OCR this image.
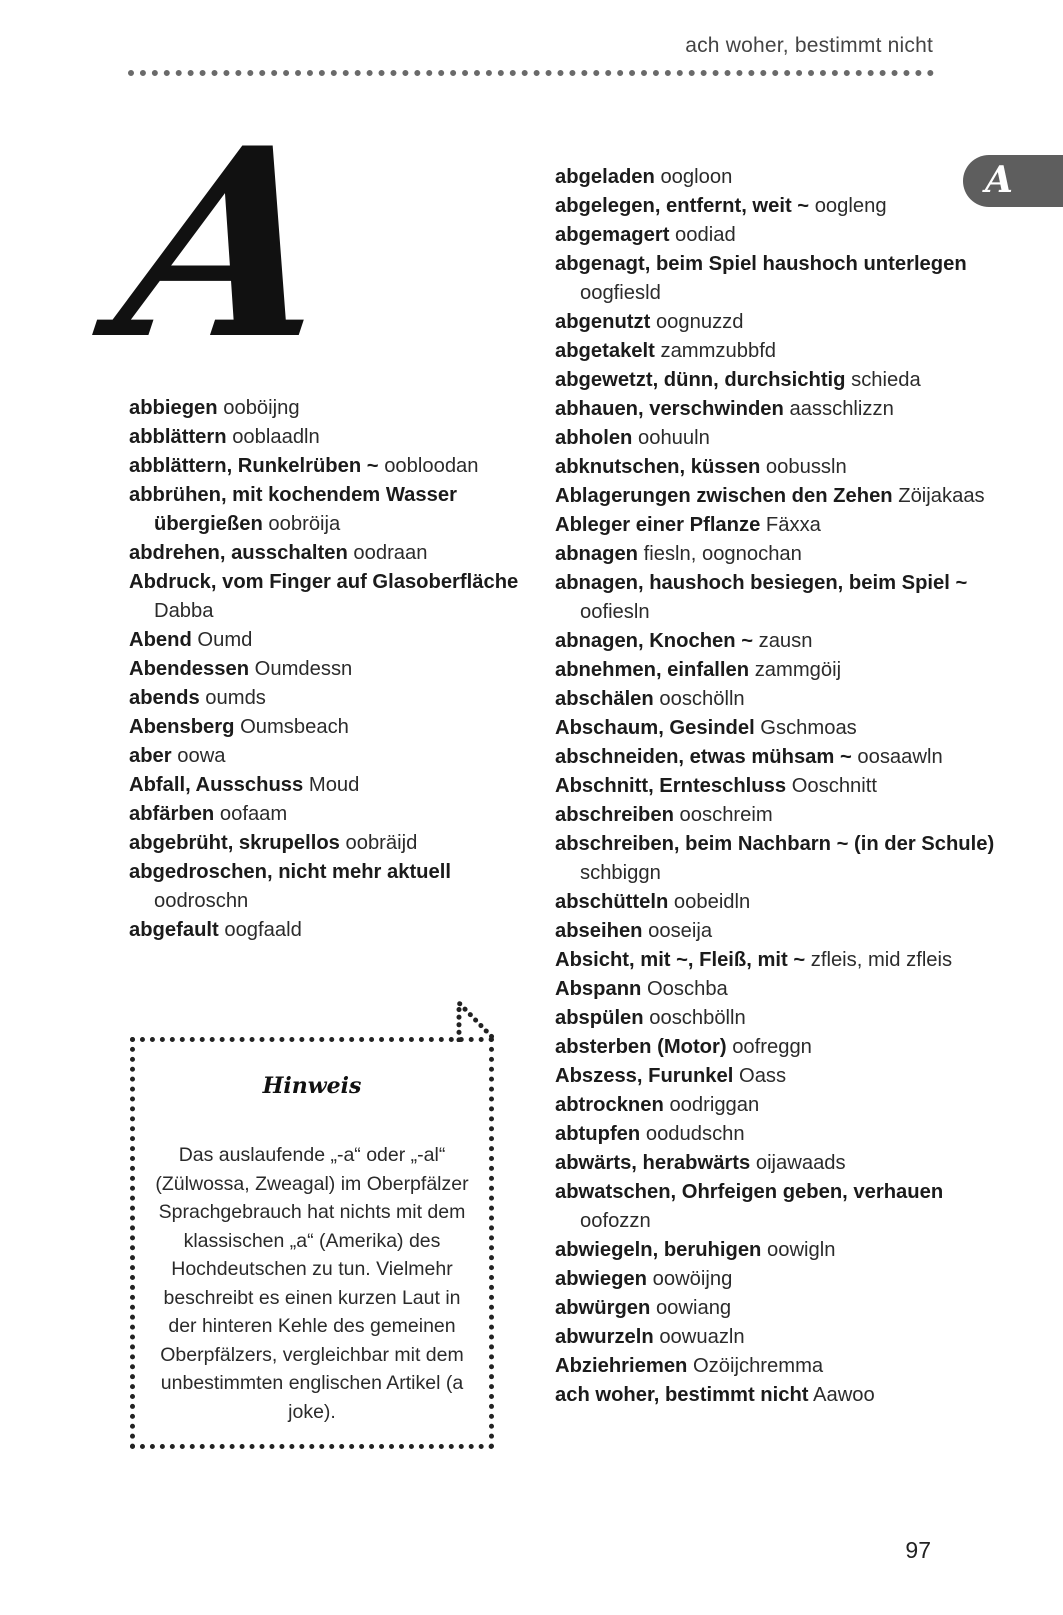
ach woher, bestimmt nicht
A	A
abbiegen ooböijng
abblättern ooblaadln
abblättern, Runkelrüben ~ oobloodan
abbrühen, mit kochendem Wasser übergießen oobröija
abdrehen, ausschalten oodraan
Abdruck, vom Finger auf Glasoberfläche Dabba
Abend Oumd
Abendessen Oumdessn
abends oumds
Abensberg Oumsbeach
aber oowa
Abfall, Ausschuss Moud
abfärben oofaam
abgebrüht, skrupellos oobräijd
abgedroschen, nicht mehr aktuell oodroschn
abgefault oogfaald
abgeladen oogloon
abgelegen, entfernt, weit ~ oogleng
abgemagert oodiad
abgenagt, beim Spiel haushoch unterlegen oogfiesld
abgenutzt oognuzzd
abgetakelt zammzubbfd
abgewetzt, dünn, durchsichtig schieda
abhauen, verschwinden aasschlizzn
abholen oohuuln
abknutschen, küssen oobussln
Ablagerungen zwischen den Zehen Zöijakaas
Ableger einer Pflanze Fäxxa
abnagen fiesln, oognochan
abnagen, haushoch besiegen, beim Spiel ~ oofiesln
abnagen, Knochen ~ zausn
abnehmen, einfallen zammgöij
abschälen ooschölln
Abschaum, Gesindel Gschmoas
abschneiden, etwas mühsam ~ oosaawln
Abschnitt, Ernteschluss Ooschnitt
abschreiben ooschreim
abschreiben, beim Nachbarn ~ (in der Schule) schbiggn
abschütteln oobeidln
abseihen ooseija
Absicht, mit ~, Fleiß, mit ~ zfleis, mid zfleis
Abspann Ooschba
abspülen ooschbölln
absterben (Motor) oofreggn
Abszess, Furunkel Oass
abtrocknen oodriggan
abtupfen oodudschn
abwärts, herabwärts oijawaads
abwatschen, Ohrfeigen geben, verhauen oofozzn
abwiegeln, beruhigen oowigln
abwiegen oowöijng
abwürgen oowiang
abwurzeln oowuazln
Abziehriemen Ozöijchremma
ach woher, bestimmt nicht Aawoo
Hinweis
Das auslaufende „-a“ oder „-al“ (Zülwossa, Zweagal) im Oberpfälzer Sprachgebrauch hat nichts mit dem klassischen „a“ (Amerika) des Hochdeutschen zu tun. Vielmehr beschreibt es einen kurzen Laut in der hinteren Kehle des gemeinen Oberpfälzers, vergleichbar mit dem unbestimmten englischen Artikel (a joke).
97
